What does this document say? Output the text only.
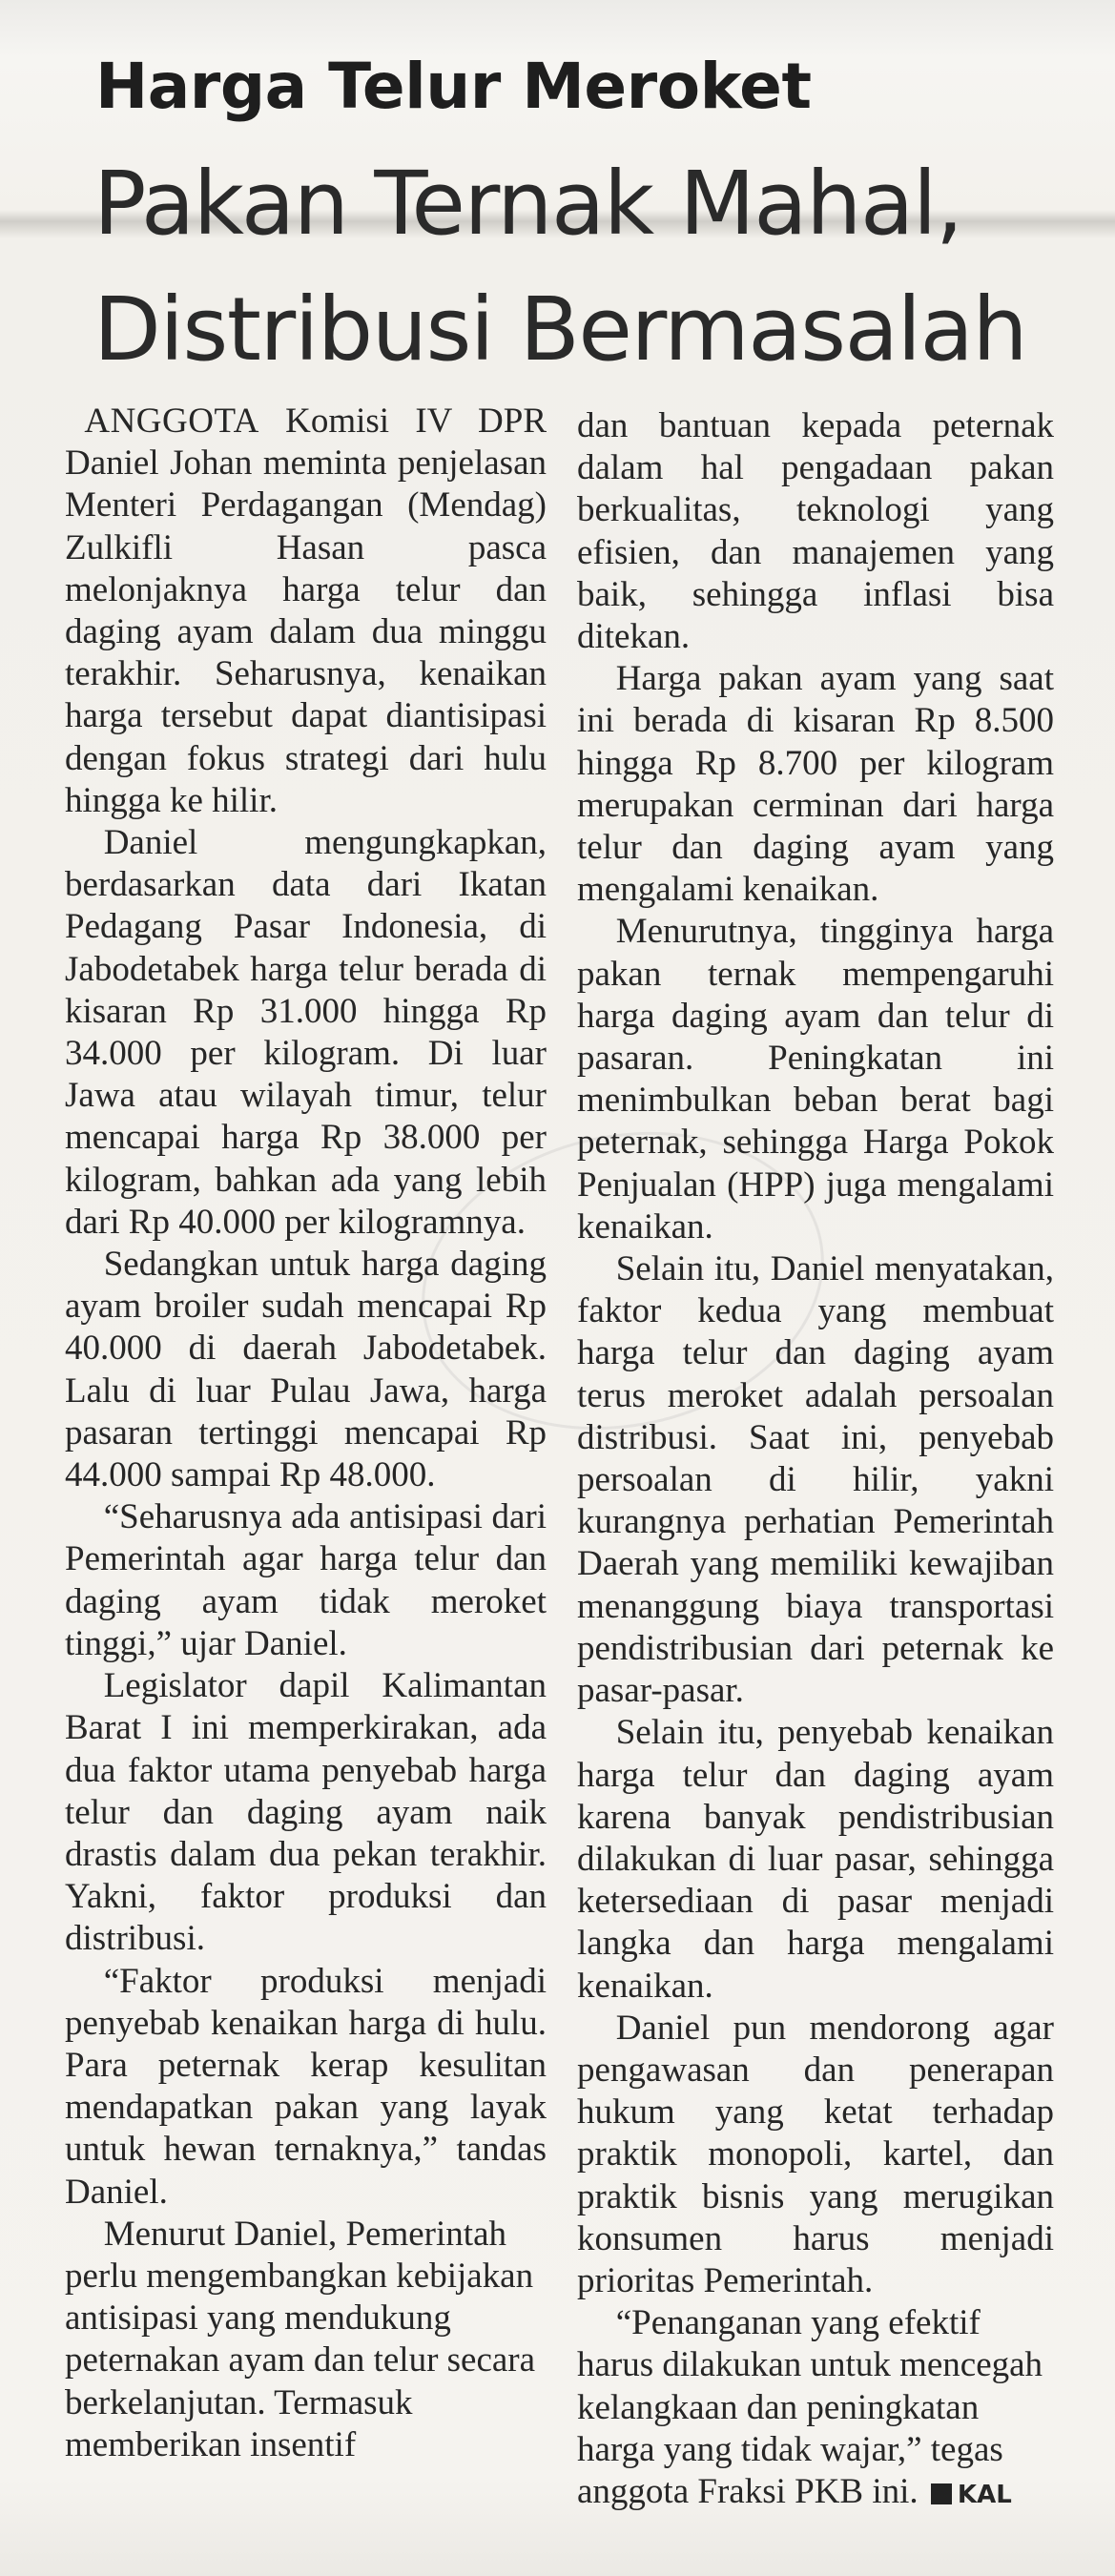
Harga Telur Meroket
Pakan Ternak Mahal,
Distribusi Bermasalah

ANGGOTA Komisi IV DPR Daniel Johan meminta penjelasan Menteri Perdagangan (Mendag) Zulkifli Hasan pasca melonjaknya harga telur dan daging ayam dalam dua minggu terakhir. Seharusnya, kenaikan harga tersebut dapat diantisipasi dengan fokus strategi dari hulu hingga ke hilir.

Daniel mengungkapkan, berdasarkan data dari Ikatan Pedagang Pasar Indonesia, di Jabodetabek harga telur berada di kisaran Rp 31.000 hingga Rp 34.000 per kilogram. Di luar Jawa atau wilayah timur, telur mencapai harga Rp 38.000 per kilogram, bahkan ada yang lebih dari Rp 40.000 per kilogramnya.

Sedangkan untuk harga daging ayam broiler sudah mencapai Rp 40.000 di daerah Jabodetabek. Lalu di luar Pulau Jawa, harga pasaran tertinggi mencapai Rp 44.000 sampai Rp 48.000.

“Seharusnya ada antisipasi dari Pemerintah agar harga telur dan daging ayam tidak meroket tinggi,” ujar Daniel.

Legislator dapil Kalimantan Barat I ini memperkirakan, ada dua faktor utama penyebab harga telur dan daging ayam naik drastis dalam dua pekan terakhir. Yakni, faktor produksi dan distribusi.

“Faktor produksi menjadi penyebab kenaikan harga di hulu. Para peternak kerap kesulitan mendapatkan pakan yang layak untuk hewan ternaknya,” tandas Daniel.

Menurut Daniel, Pemerintah perlu mengembangkan kebijakan antisipasi yang mendukung peternakan ayam dan telur secara berkelanjutan. Termasuk memberikan insentif

dan bantuan kepada peternak dalam hal pengadaan pakan berkualitas, teknologi yang efisien, dan manajemen yang baik, sehingga inflasi bisa ditekan.

Harga pakan ayam yang saat ini berada di kisaran Rp 8.500 hingga Rp 8.700 per kilogram merupakan cerminan dari harga telur dan daging ayam yang mengalami kenaikan.

Menurutnya, tingginya harga pakan ternak mempengaruhi harga daging ayam dan telur di pasaran. Peningkatan ini menimbulkan beban berat bagi peternak, sehingga Harga Pokok Penjualan (HPP) juga mengalami kenaikan.

Selain itu, Daniel menyatakan, faktor kedua yang membuat harga telur dan daging ayam terus meroket adalah persoalan distribusi. Saat ini, penyebab persoalan di hilir, yakni kurangnya perhatian Pemerintah Daerah yang memiliki kewajiban menanggung biaya transportasi pendistribusian dari peternak ke pasar-pasar.

Selain itu, penyebab kenaikan harga telur dan daging ayam karena banyak pendistribusian dilakukan di luar pasar, sehingga ketersediaan di pasar menjadi langka dan harga mengalami kenaikan.

Daniel pun mendorong agar pengawasan dan penerapan hukum yang ketat terhadap praktik monopoli, kartel, dan praktik bisnis yang merugikan konsumen harus menjadi prioritas Pemerintah.

“Penanganan yang efektif harus dilakukan untuk mencegah kelangkaan dan peningkatan harga yang tidak wajar,” tegas anggota Fraksi PKB ini. KAL
